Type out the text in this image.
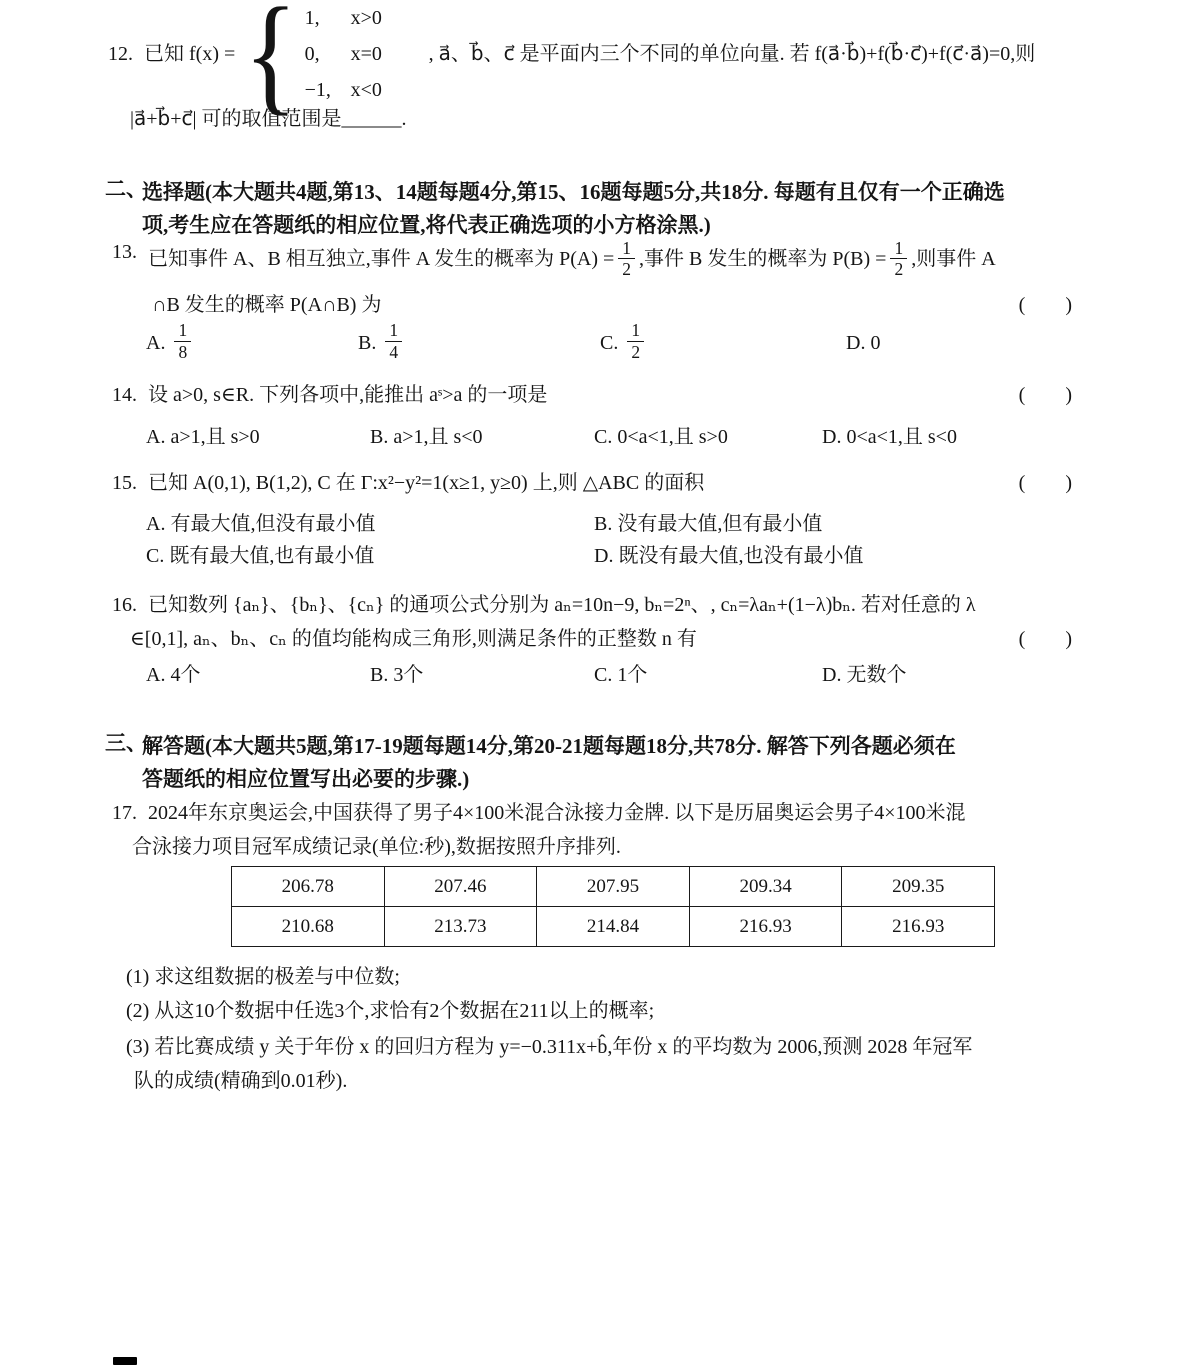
12. 已知 f(x) = { 1,	x>0
0,	x=0
−1, x<0
, a⃗、b⃗、c⃗ 是平面内三个不同的单位向量. 若 f(a⃗·b⃗)+f(b⃗·c⃗)+f(c⃗·a⃗)=0,则
|a⃗+b⃗+c⃗| 可的取值范围是______.
二、
选择题(本大题共4题,第13、14题每题4分,第15、16题每题5分,共18分. 每题有且仅有一个正确选
项,考生应在答题纸的相应位置,将代表正确选项的小方格涂黑.)
13. 已知事件 A、B 相互独立,事件 A 发生的概率为 $P(A) = \frac{1}{2}$ ,事件 B 发生的概率为 $P(B) = \frac{1}{2}$ ,则事件 A
∩B 发生的概率 P(A∩B) 为	(        )
A. $\frac{1}{8}$	B. $\frac{1}{4}$	C. $\frac{1}{2}$	D. 0
14. 设 a>0, s∈R. 下列各项中,能推出 aˢ>a 的一项是	(        )
A. a>1,且 s>0	B. a>1,且 s<0	C. 0<a<1,且 s>0	D. 0<a<1,且 s<0
15. 已知 A(0,1), B(1,2), C 在 Γ:x²−y²=1(x≥1, y≥0) 上,则 △ABC 的面积	(        )
A. 有最大值,但没有最小值	B. 没有最大值,但有最小值
C. 既有最大值,也有最小值	D. 既没有最大值,也没有最小值
16. 已知数列 {aₙ}、{bₙ}、{cₙ} 的通项公式分别为 aₙ=10n−9, bₙ=2ⁿ、, cₙ=λaₙ+(1−λ)bₙ. 若对任意的 λ
∈[0,1], aₙ、bₙ、cₙ 的值均能构成三角形,则满足条件的正整数 n 有	(        )
A. 4个	B. 3个	C. 1个	D. 无数个
三、
解答题(本大题共5题,第17-19题每题14分,第20-21题每题18分,共78分. 解答下列各题必须在
答题纸的相应位置写出必要的步骤.)
17. 2024年东京奥运会,中国获得了男子4×100米混合泳接力金牌. 以下是历届奥运会男子4×100米混
合泳接力项目冠军成绩记录(单位:秒),数据按照升序排列.
206.78	207.46	207.95	209.34	209.35
210.68	213.73	214.84	216.93	216.93
(1) 求这组数据的极差与中位数;
(2) 从这10个数据中任选3个,求恰有2个数据在211以上的概率;
(3) 若比赛成绩 y 关于年份 x 的回归方程为 y=−0.311x+b̂,年份 x 的平均数为 2006,预测 2028 年冠军
队的成绩(精确到0.01秒).
